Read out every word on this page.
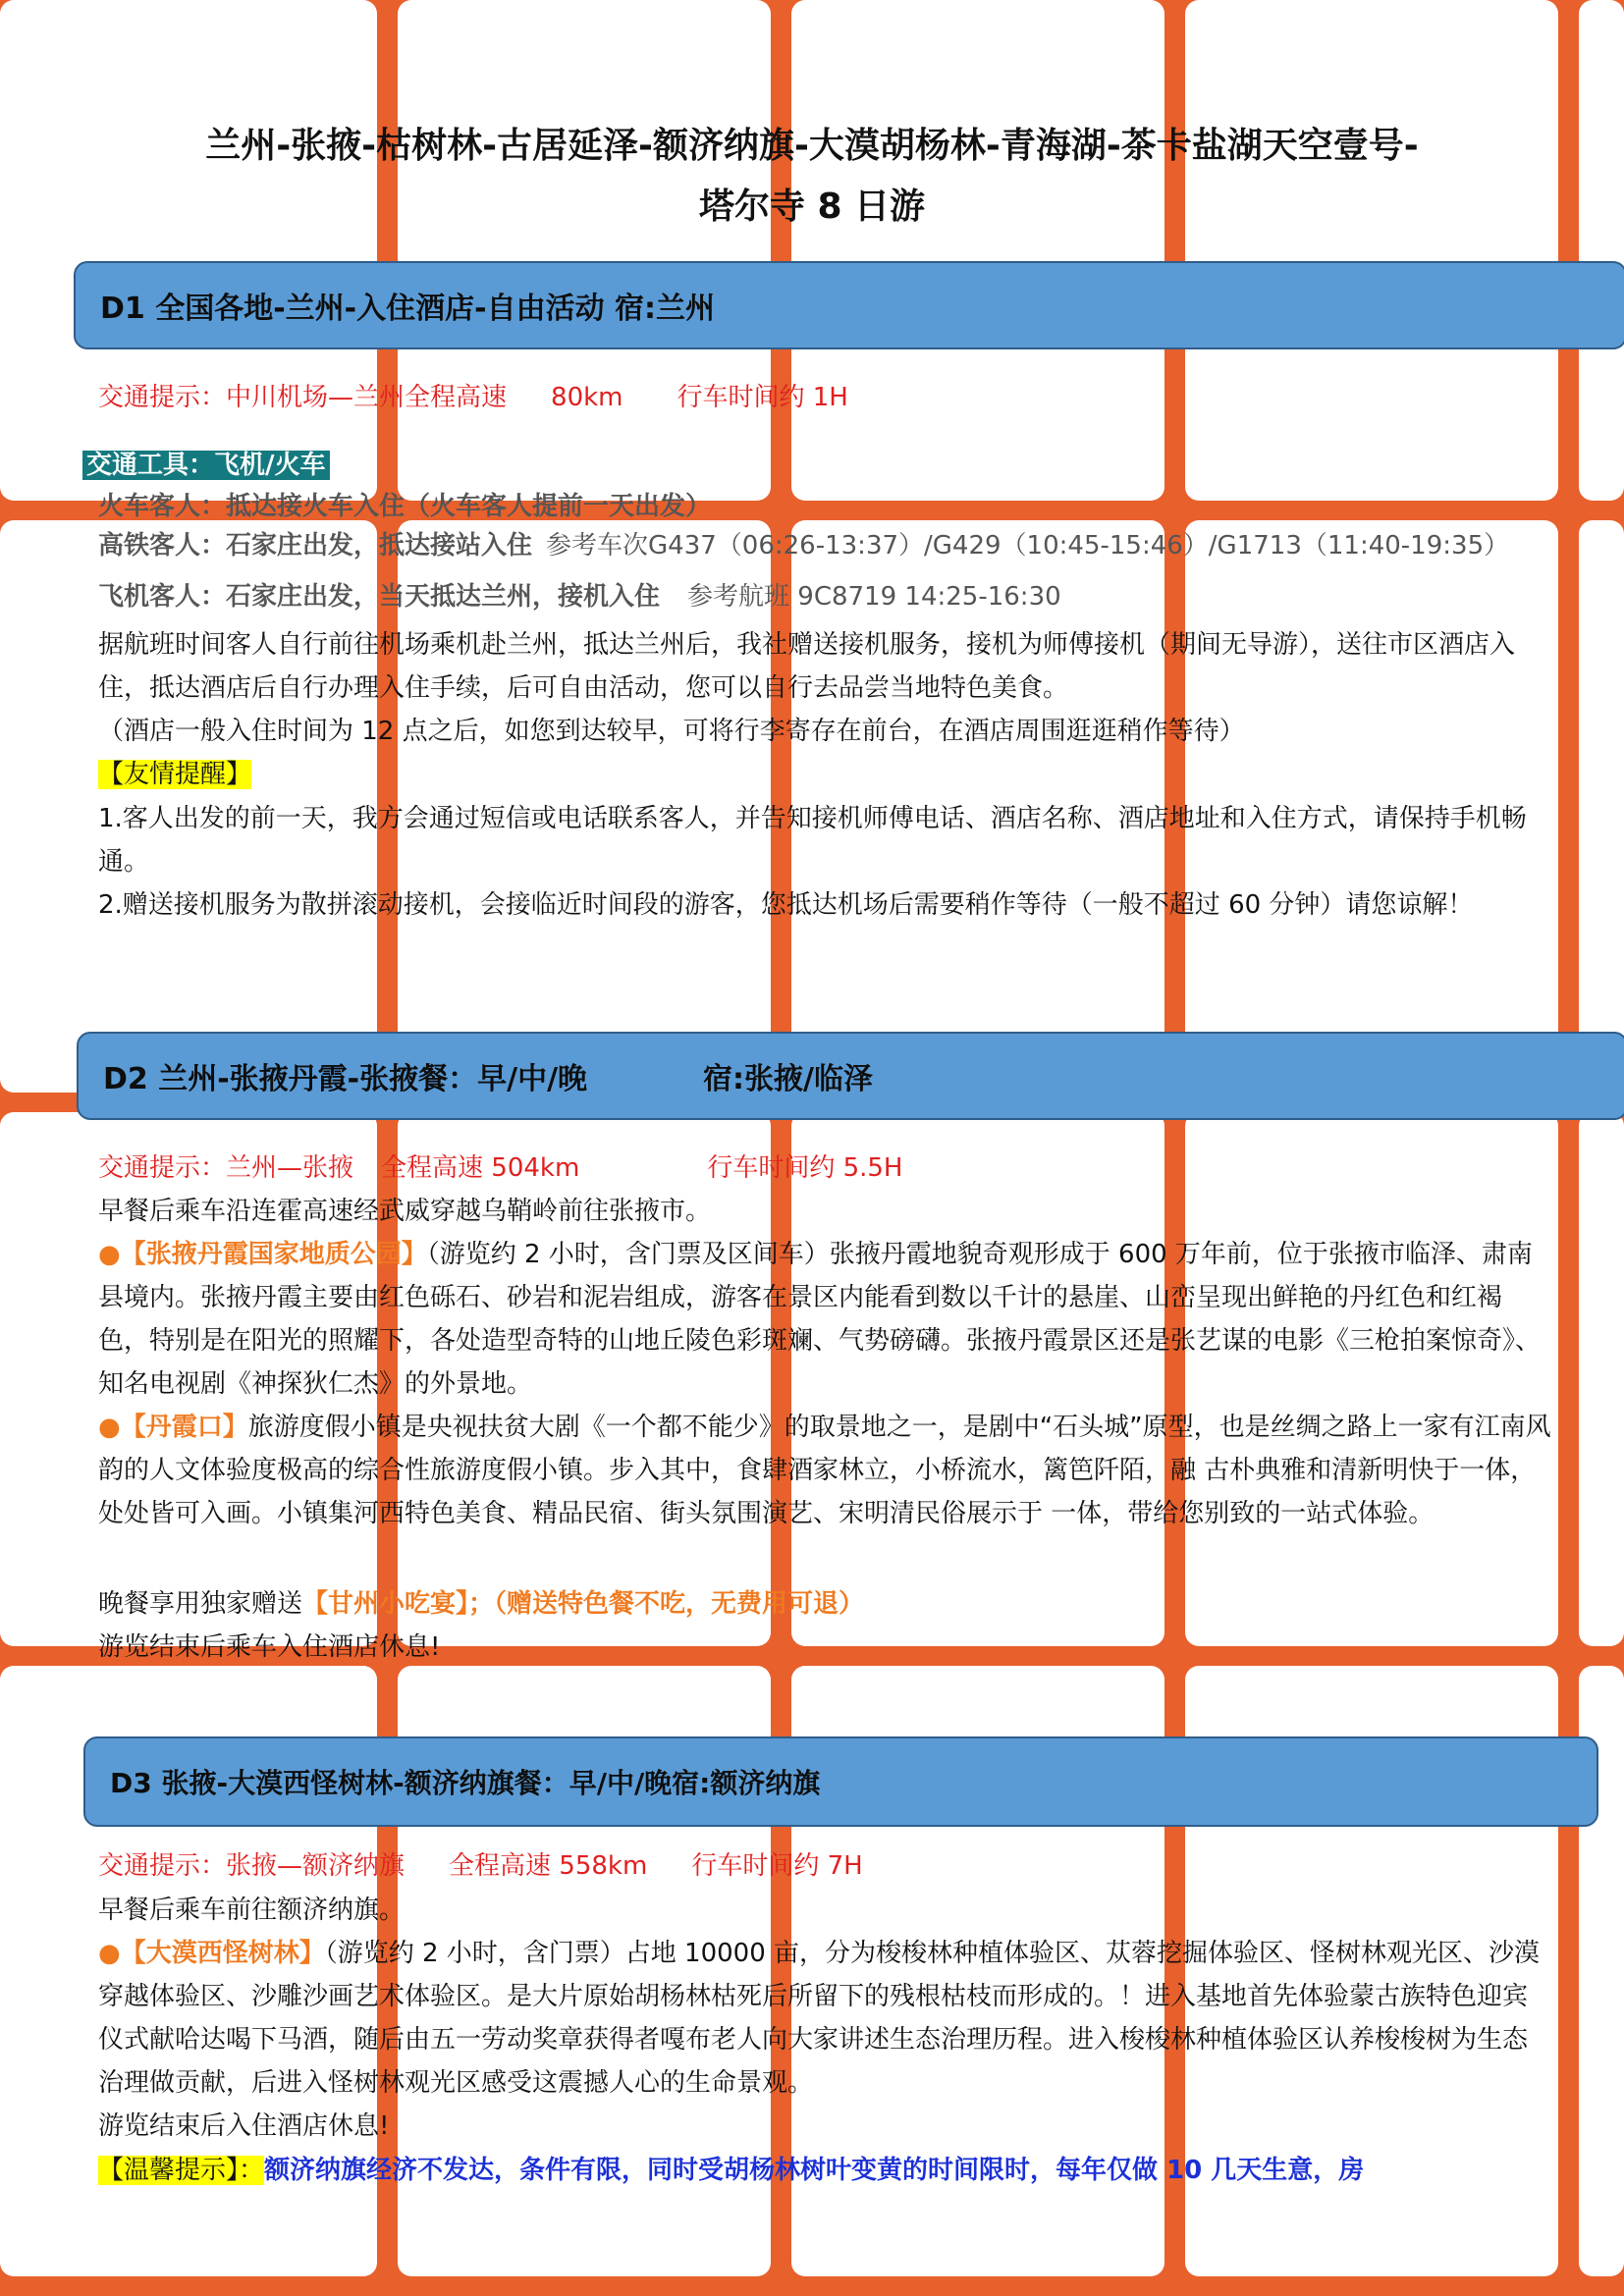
兰州-张掖-枯树林-古居延泽-额济纳旗-大漠胡杨林-青海湖-茶卡盐湖天空壹号-
塔尔寺 8 日游
D1 全国各地-兰州-入住酒店-自由活动 宿:兰州
交通提示：中川机场—兰州全程高速 80km 行车时间约 1H
交通工具：飞机/火车
火车客人：抵达接火车入住（火车客人提前一天出发）
高铁客人：石家庄出发，抵达接站入住 参考车次G437（06:26-13:37）/G429（10:45-15:46）/G1713（11:40-19:35）
飞机客人：石家庄出发，当天抵达兰州，接机入住 参考航班 9C8719 14:25-16:30
据航班时间客人自行前往机场乘机赴兰州，抵达兰州后，我社赠送接机服务，接机为师傅接机（期间无导游），送往市区酒店入住，抵达酒店后自行办理入住手续，后可自由活动，您可以自行去品尝当地特色美食。
（酒店一般入住时间为 12 点之后，如您到达较早，可将行李寄存在前台，在酒店周围逛逛稍作等待）
【友情提醒】
1.客人出发的前一天，我方会通过短信或电话联系客人，并告知接机师傅电话、酒店名称、酒店地址和入住方式，请保持手机畅通。
2.赠送接机服务为散拼滚动接机，会接临近时间段的游客，您抵达机场后需要稍作等待（一般不超过 60 分钟）请您谅解！
D2 兰州-张掖丹霞-张掖餐：早/中/晚	宿:张掖/临泽
交通提示：兰州—张掖 全程高速 504km	行车时间约 5.5H
早餐后乘车沿连霍高速经武威穿越乌鞘岭前往张掖市。
●【张掖丹霞国家地质公园】（游览约 2 小时，含门票及区间车）张掖丹霞地貌奇观形成于 600 万年前，位于张掖市临泽、肃南县境内。张掖丹霞主要由红色砾石、砂岩和泥岩组成，游客在景区内能看到数以千计的悬崖、山峦呈现出鲜艳的丹红色和红褐色，特别是在阳光的照耀下，各处造型奇特的山地丘陵色彩斑斓、气势磅礴。张掖丹霞景区还是张艺谋的电影《三枪拍案惊奇》、知名电视剧《神探狄仁杰》的外景地。
●【丹霞口】旅游度假小镇是央视扶贫大剧《一个都不能少》的取景地之一，是剧中“石头城”原型，也是丝绸之路上一家有江南风韵的人文体验度极高的综合性旅游度假小镇。步入其中，食肆酒家林立，小桥流水，篱笆阡陌，融 古朴典雅和清新明快于一体，处处皆可入画。小镇集河西特色美食、精品民宿、街头氛围演艺、宋明清民俗展示于 一体，带给您别致的一站式体验。
晚餐享用独家赠送【甘州小吃宴】；（赠送特色餐不吃，无费用可退）
游览结束后乘车入住酒店休息!
D3 张掖-大漠西怪树林-额济纳旗餐：早/中/晚宿:额济纳旗
交通提示：张掖—额济纳旗 全程高速 558km 行车时间约 7H
早餐后乘车前往额济纳旗。
●【大漠西怪树林】（游览约 2 小时，含门票）占地 10000 亩，分为梭梭林种植体验区、苁蓉挖掘体验区、怪树林观光区、沙漠穿越体验区、沙雕沙画艺术体验区。是大片原始胡杨林枯死后所留下的残根枯枝而形成的。！进入基地首先体验蒙古族特色迎宾仪式献哈达喝下马酒，随后由五一劳动奖章获得者嘎布老人向大家讲述生态治理历程。进入梭梭林种植体验区认养梭梭树为生态治理做贡献，后进入怪树林观光区感受这震撼人心的生命景观。
游览结束后入住酒店休息!
【温馨提示】：额济纳旗经济不发达，条件有限，同时受胡杨林树叶变黄的时间限时，每年仅做 10 几天生意，房
